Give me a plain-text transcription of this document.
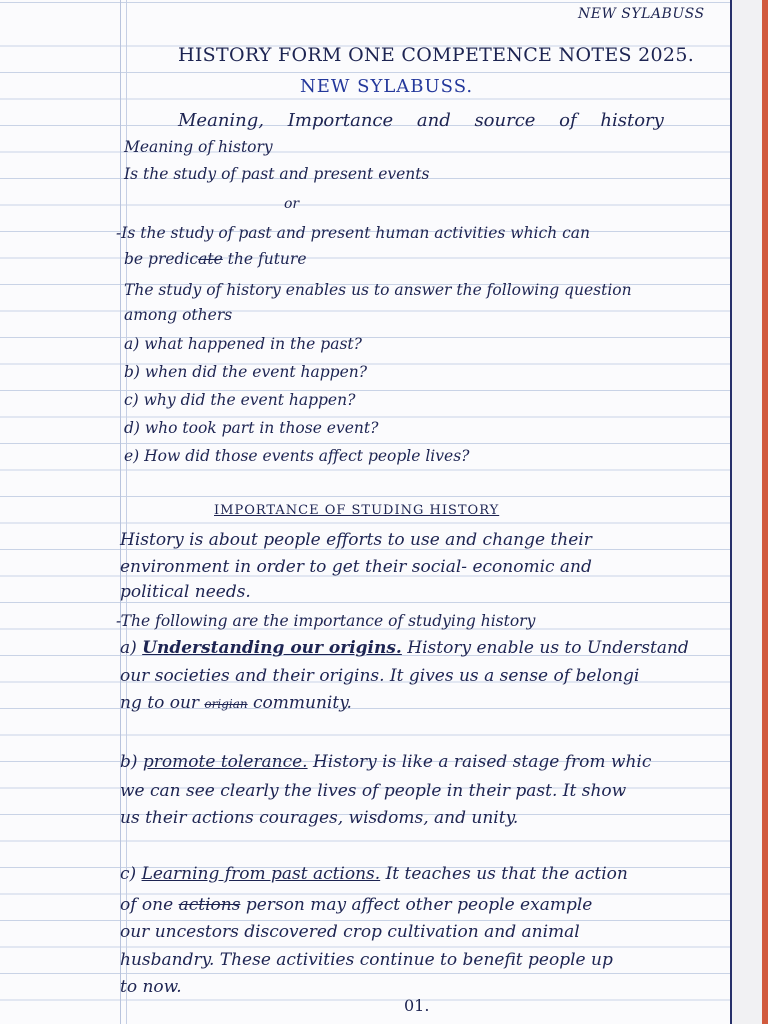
NEW SYLABUSS
HISTORY FORM ONE COMPETENCE NOTES 2025.
NEW SYLABUSS.
Meaning, Importance and source of history
Meaning of history
Is the study of past and present events
or
-Is the study of past and present human activities which can
be predicate the future
The study of history enables us to answer the following question
among others
a) what happened in the past?
b) when did the event happen?
c) why did the event happen?
d) who took part in those event?
e) How did those events affect people lives?
IMPORTANCE OF STUDING HISTORY
History is about people efforts to use and change their
environment in order to get their social- economic and
political needs.
-The following are the importance of studying history
a) Understanding our origins. History enable us to Understand
our societies and their origins. It gives us a sense of belongi
ng to our origian community.
b) promote tolerance. History is like a raised stage from whic
we can see clearly the lives of people in their past. It show
us their actions courages, wisdoms, and unity.
c) Learning from past actions. It teaches us that the action
of one actions person may affect other people example
our uncestors discovered crop cultivation and animal
husbandry. These activities continue to benefit people up
to now.
01.
